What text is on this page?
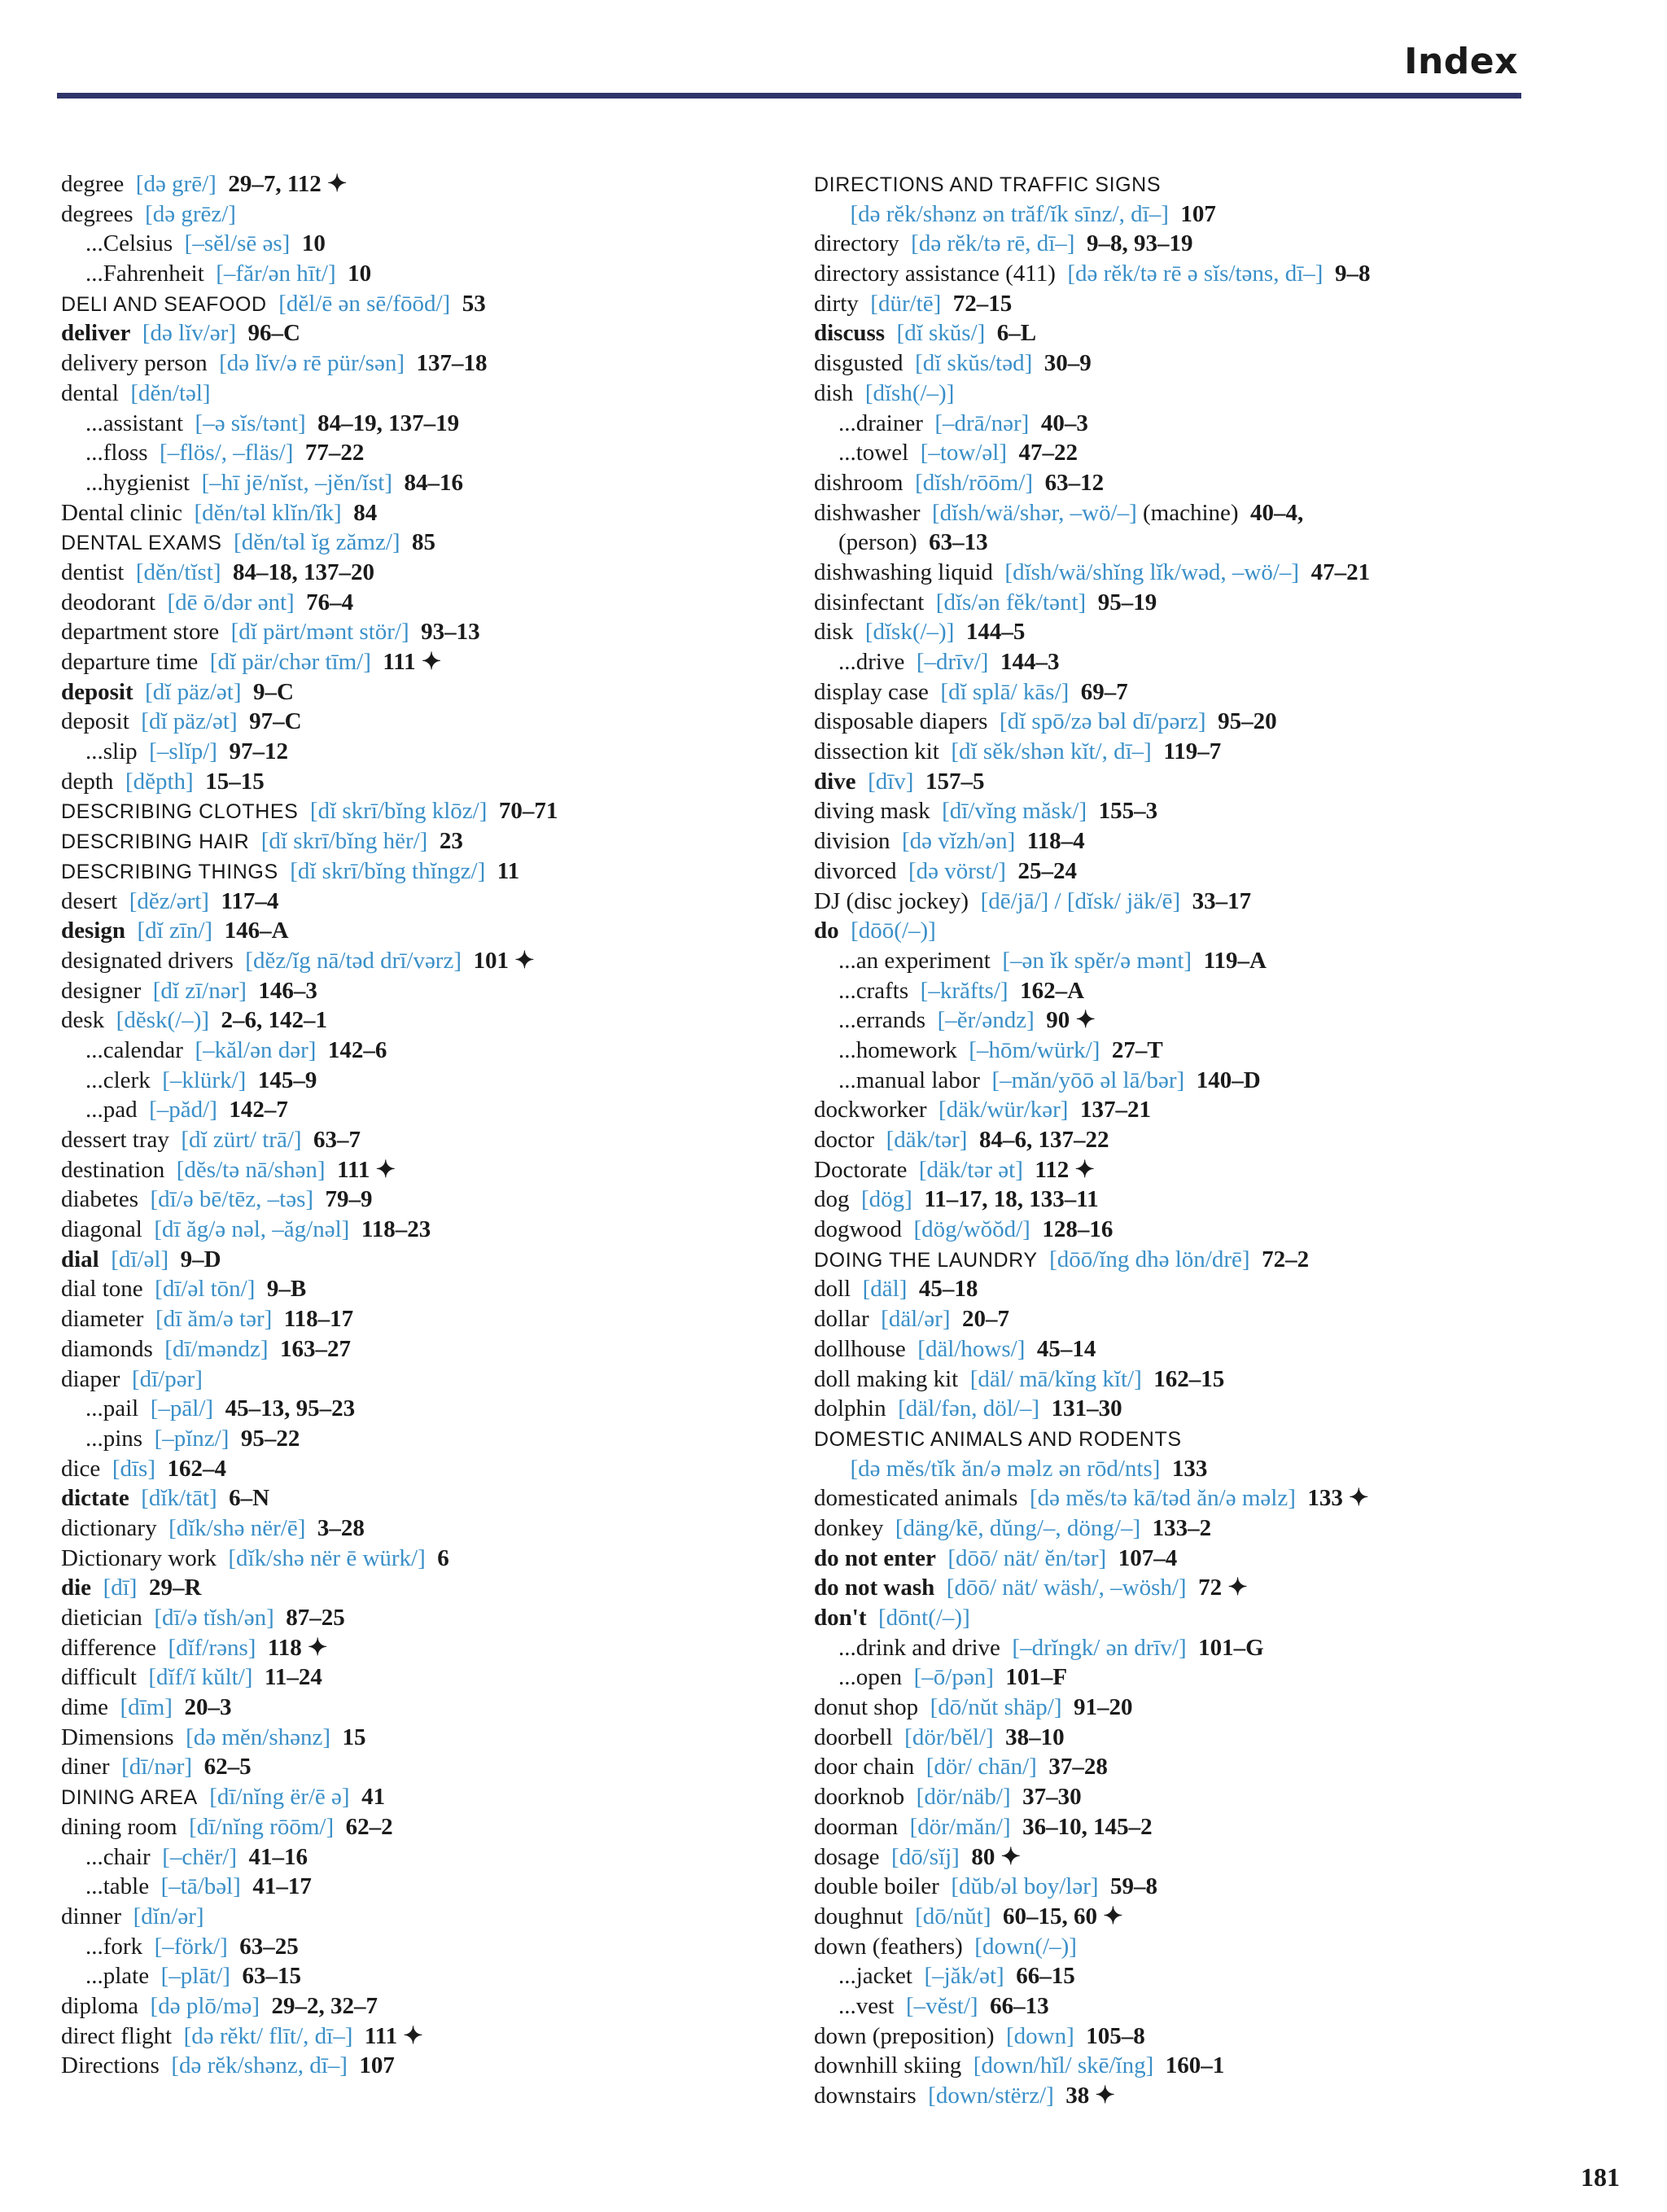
Index
degree [də grē/] 29–7, 112 ✦
degrees [də grēz/]
...Celsius [–sĕl/sē əs] 10
...Fahrenheit [–făr/ən hīt/] 10
DELI AND SEAFOOD [dĕl/ē ən sē/fōōd/] 53
deliver [də lĭv/ər] 96–C
delivery person [də lĭv/ə rē pür/sən] 137–18
dental [dĕn/təl]
...assistant [–ə sĭs/tənt] 84–19, 137–19
...floss [–flös/, –fläs/] 77–22
...hygienist [–hī jē/nĭst, –jĕn/ĭst] 84–16
Dental clinic [dĕn/təl klĭn/ĭk] 84
DENTAL EXAMS [dĕn/təl ĭg zămz/] 85
dentist [dĕn/tĭst] 84–18, 137–20
deodorant [dē ō/dər ənt] 76–4
department store [dĭ pärt/mənt stör/] 93–13
departure time [dĭ pär/chər tīm/] 111 ✦
deposit [dĭ päz/ət] 9–C
deposit [dĭ päz/ət] 97–C
...slip [–slĭp/] 97–12
depth [dĕpth] 15–15
DESCRIBING CLOTHES [dĭ skrī/bĭng klōz/] 70–71
DESCRIBING HAIR [dĭ skrī/bĭng hër/] 23
DESCRIBING THINGS [dĭ skrī/bĭng thĭngz/] 11
desert [dĕz/ərt] 117–4
design [dĭ zīn/] 146–A
designated drivers [dĕz/ĭg nā/təd drī/vərz] 101 ✦
designer [dĭ zī/nər] 146–3
desk [dĕsk(/–)] 2–6, 142–1
...calendar [–kăl/ən dər] 142–6
...clerk [–klürk/] 145–9
...pad [–păd/] 142–7
dessert tray [dĭ zürt/ trā/] 63–7
destination [dĕs/tə nā/shən] 111 ✦
diabetes [dī/ə bē/tēz, –təs] 79–9
diagonal [dī ăg/ə nəl, –ăg/nəl] 118–23
dial [dī/əl] 9–D
dial tone [dī/əl tōn/] 9–B
diameter [dī ăm/ə tər] 118–17
diamonds [dī/məndz] 163–27
diaper [dī/pər]
...pail [–pāl/] 45–13, 95–23
...pins [–pĭnz/] 95–22
dice [dīs] 162–4
dictate [dĭk/tāt] 6–N
dictionary [dĭk/shə nër/ē] 3–28
Dictionary work [dĭk/shə nër ē würk/] 6
die [dī] 29–R
dietician [dī/ə tĭsh/ən] 87–25
difference [dĭf/rəns] 118 ✦
difficult [dĭf/ĭ kŭlt/] 11–24
dime [dīm] 20–3
Dimensions [də mĕn/shənz] 15
diner [dī/nər] 62–5
DINING AREA [dī/nĭng ër/ē ə] 41
dining room [dī/nĭng rōōm/] 62–2
...chair [–chër/] 41–16
...table [–tā/bəl] 41–17
dinner [dĭn/ər]
...fork [–förk/] 63–25
...plate [–plāt/] 63–15
diploma [də plō/mə] 29–2, 32–7
direct flight [də rĕkt/ flīt/, dī–] 111 ✦
Directions [də rĕk/shənz, dī–] 107
DIRECTIONS AND TRAFFIC SIGNS
[də rĕk/shənz ən trăf/ĭk sīnz/, dī–] 107
directory [də rĕk/tə rē, dī–] 9–8, 93–19
directory assistance (411) [də rĕk/tə rē ə sĭs/təns, dī–] 9–8
dirty [dür/tē] 72–15
discuss [dĭ skŭs/] 6–L
disgusted [dĭ skŭs/təd] 30–9
dish [dĭsh(/–)]
...drainer [–drā/nər] 40–3
...towel [–tow/əl] 47–22
dishroom [dĭsh/rōōm/] 63–12
dishwasher [dĭsh/wä/shər, –wö/–] (machine) 40–4,
(person) 63–13
dishwashing liquid [dĭsh/wä/shĭng lĭk/wəd, –wö/–] 47–21
disinfectant [dĭs/ən fĕk/tənt] 95–19
disk [dĭsk(/–)] 144–5
...drive [–drīv/] 144–3
display case [dĭ splā/ kās/] 69–7
disposable diapers [dĭ spō/zə bəl dī/pərz] 95–20
dissection kit [dĭ sĕk/shən kĭt/, dī–] 119–7
dive [dīv] 157–5
diving mask [dī/vĭng măsk/] 155–3
division [də vĭzh/ən] 118–4
divorced [də vörst/] 25–24
DJ (disc jockey) [dē/jā/] / [dĭsk/ jäk/ē] 33–17
do [dōō(/–)]
...an experiment [–ən ĭk spĕr/ə mənt] 119–A
...crafts [–krăfts/] 162–A
...errands [–ĕr/əndz] 90 ✦
...homework [–hōm/würk/] 27–T
...manual labor [–măn/yōō əl lā/bər] 140–D
dockworker [däk/wür/kər] 137–21
doctor [däk/tər] 84–6, 137–22
Doctorate [däk/tər ət] 112 ✦
dog [dög] 11–17, 18, 133–11
dogwood [dög/wŏŏd/] 128–16
DOING THE LAUNDRY [dōō/ĭng dhə lön/drē] 72–2
doll [däl] 45–18
dollar [däl/ər] 20–7
dollhouse [däl/hows/] 45–14
doll making kit [däl/ mā/kĭng kĭt/] 162–15
dolphin [däl/fən, döl/–] 131–30
DOMESTIC ANIMALS AND RODENTS
[də mĕs/tĭk ăn/ə məlz ən rōd/nts] 133
domesticated animals [də mĕs/tə kā/təd ăn/ə məlz] 133 ✦
donkey [däng/kē, dŭng/–, döng/–] 133–2
do not enter [dōō/ nät/ ĕn/tər] 107–4
do not wash [dōō/ nät/ wäsh/, –wösh/] 72 ✦
don't [dōnt(/–)]
...drink and drive [–drĭngk/ ən drīv/] 101–G
...open [–ō/pən] 101–F
donut shop [dō/nŭt shäp/] 91–20
doorbell [dör/bĕl/] 38–10
door chain [dör/ chān/] 37–28
doorknob [dör/näb/] 37–30
doorman [dör/măn/] 36–10, 145–2
dosage [dō/sĭj] 80 ✦
double boiler [dŭb/əl boy/lər] 59–8
doughnut [dō/nŭt] 60–15, 60 ✦
down (feathers) [down(/–)]
...jacket [–jăk/ət] 66–15
...vest [–vĕst/] 66–13
down (preposition) [down] 105–8
downhill skiing [down/hĭl/ skē/ĭng] 160–1
downstairs [down/stërz/] 38 ✦
181
